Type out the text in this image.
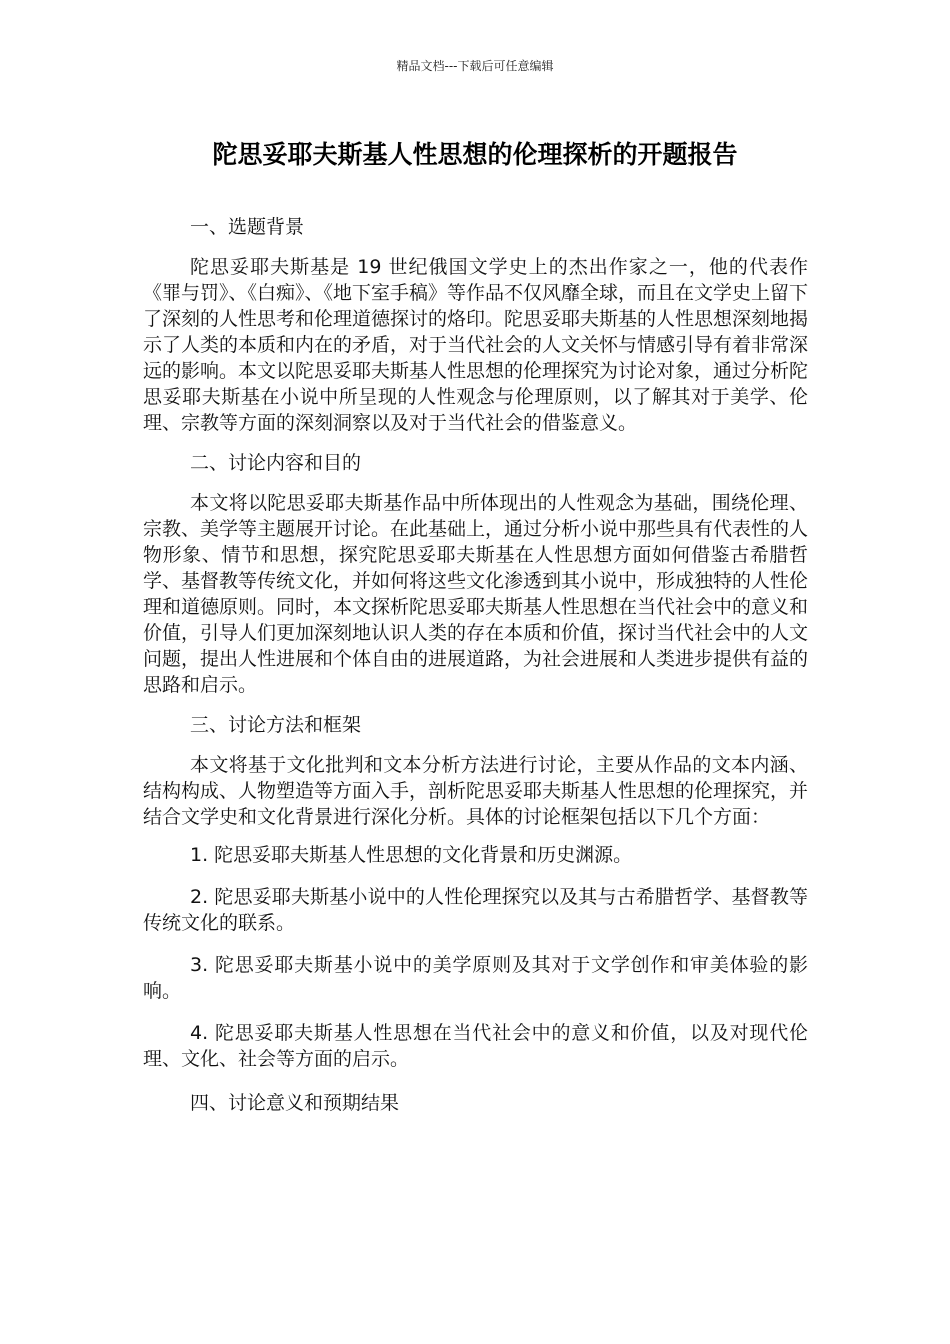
精品文档---下载后可任意编辑
陀思妥耶夫斯基人性思想的伦理探析的开题报告
一、选题背景

陀思妥耶夫斯基是 19 世纪俄国文学史上的杰出作家之一，他的代表作《罪与罚》、《白痴》、《地下室手稿》等作品不仅风靡全球，而且在文学史上留下了深刻的人性思考和伦理道德探讨的烙印。陀思妥耶夫斯基的人性思想深刻地揭示了人类的本质和内在的矛盾，对于当代社会的人文关怀与情感引导有着非常深远的影响。本文以陀思妥耶夫斯基人性思想的伦理探究为讨论对象，通过分析陀思妥耶夫斯基在小说中所呈现的人性观念与伦理原则，以了解其对于美学、伦理、宗教等方面的深刻洞察以及对于当代社会的借鉴意义。

二、讨论内容和目的

本文将以陀思妥耶夫斯基作品中所体现出的人性观念为基础，围绕伦理、宗教、美学等主题展开讨论。在此基础上，通过分析小说中那些具有代表性的人物形象、情节和思想，探究陀思妥耶夫斯基在人性思想方面如何借鉴古希腊哲学、基督教等传统文化，并如何将这些文化渗透到其小说中，形成独特的人性伦理和道德原则。同时，本文探析陀思妥耶夫斯基人性思想在当代社会中的意义和价值，引导人们更加深刻地认识人类的存在本质和价值，探讨当代社会中的人文问题，提出人性进展和个体自由的进展道路，为社会进展和人类进步提供有益的思路和启示。

三、讨论方法和框架

本文将基于文化批判和文本分析方法进行讨论，主要从作品的文本内涵、结构构成、人物塑造等方面入手，剖析陀思妥耶夫斯基人性思想的伦理探究，并结合文学史和文化背景进行深化分析。具体的讨论框架包括以下几个方面：

1. 陀思妥耶夫斯基人性思想的文化背景和历史渊源。

2. 陀思妥耶夫斯基小说中的人性伦理探究以及其与古希腊哲学、基督教等传统文化的联系。

3. 陀思妥耶夫斯基小说中的美学原则及其对于文学创作和审美体验的影响。

4. 陀思妥耶夫斯基人性思想在当代社会中的意义和价值，以及对现代伦理、文化、社会等方面的启示。

四、讨论意义和预期结果
